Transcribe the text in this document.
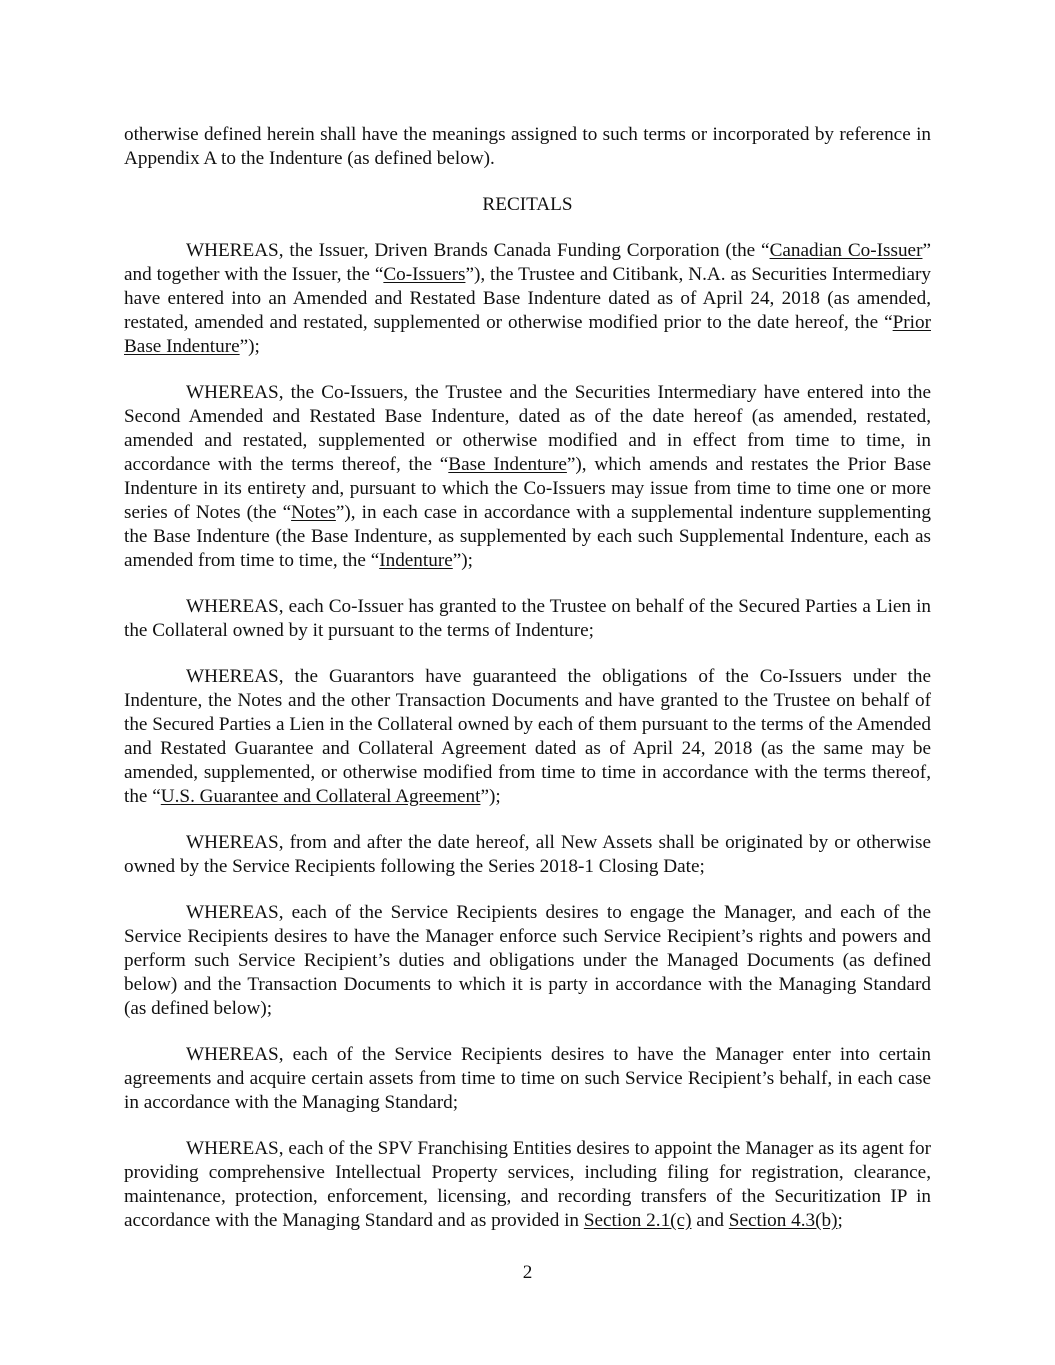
otherwise defined herein shall have the meanings assigned to such terms or incorporated by reference in Appendix A to the Indenture (as defined below).

RECITALS

WHEREAS, the Issuer, Driven Brands Canada Funding Corporation (the “Canadian Co-Issuer” and together with the Issuer, the “Co-Issuers”), the Trustee and Citibank, N.A. as Securities Intermediary have entered into an Amended and Restated Base Indenture dated as of April 24, 2018 (as amended, restated, amended and restated, supplemented or otherwise modified prior to the date hereof, the “Prior Base Indenture”);

WHEREAS, the Co-Issuers, the Trustee and the Securities Intermediary have entered into the Second Amended and Restated Base Indenture, dated as of the date hereof (as amended, restated, amended and restated, supplemented or otherwise modified and in effect from time to time, in accordance with the terms thereof, the “Base Indenture”), which amends and restates the Prior Base Indenture in its entirety and, pursuant to which the Co-Issuers may issue from time to time one or more series of Notes (the “Notes”), in each case in accordance with a supplemental indenture supplementing the Base Indenture (the Base Indenture, as supplemented by each such Supplemental Indenture, each as amended from time to time, the “Indenture”);

WHEREAS, each Co-Issuer has granted to the Trustee on behalf of the Secured Parties a Lien in the Collateral owned by it pursuant to the terms of Indenture;

WHEREAS, the Guarantors have guaranteed the obligations of the Co-Issuers under the Indenture, the Notes and the other Transaction Documents and have granted to the Trustee on behalf of the Secured Parties a Lien in the Collateral owned by each of them pursuant to the terms of the Amended and Restated Guarantee and Collateral Agreement dated as of April 24, 2018 (as the same may be amended, supplemented, or otherwise modified from time to time in accordance with the terms thereof, the “U.S. Guarantee and Collateral Agreement”);

WHEREAS, from and after the date hereof, all New Assets shall be originated by or otherwise owned by the Service Recipients following the Series 2018-1 Closing Date;

WHEREAS, each of the Service Recipients desires to engage the Manager, and each of the Service Recipients desires to have the Manager enforce such Service Recipient’s rights and powers and perform such Service Recipient’s duties and obligations under the Managed Documents (as defined below) and the Transaction Documents to which it is party in accordance with the Managing Standard (as defined below);

WHEREAS, each of the Service Recipients desires to have the Manager enter into certain agreements and acquire certain assets from time to time on such Service Recipient’s behalf, in each case in accordance with the Managing Standard;

WHEREAS, each of the SPV Franchising Entities desires to appoint the Manager as its agent for providing comprehensive Intellectual Property services, including filing for registration, clearance, maintenance, protection, enforcement, licensing, and recording transfers of the Securitization IP in accordance with the Managing Standard and as provided in Section 2.1(c) and Section 4.3(b);

2
